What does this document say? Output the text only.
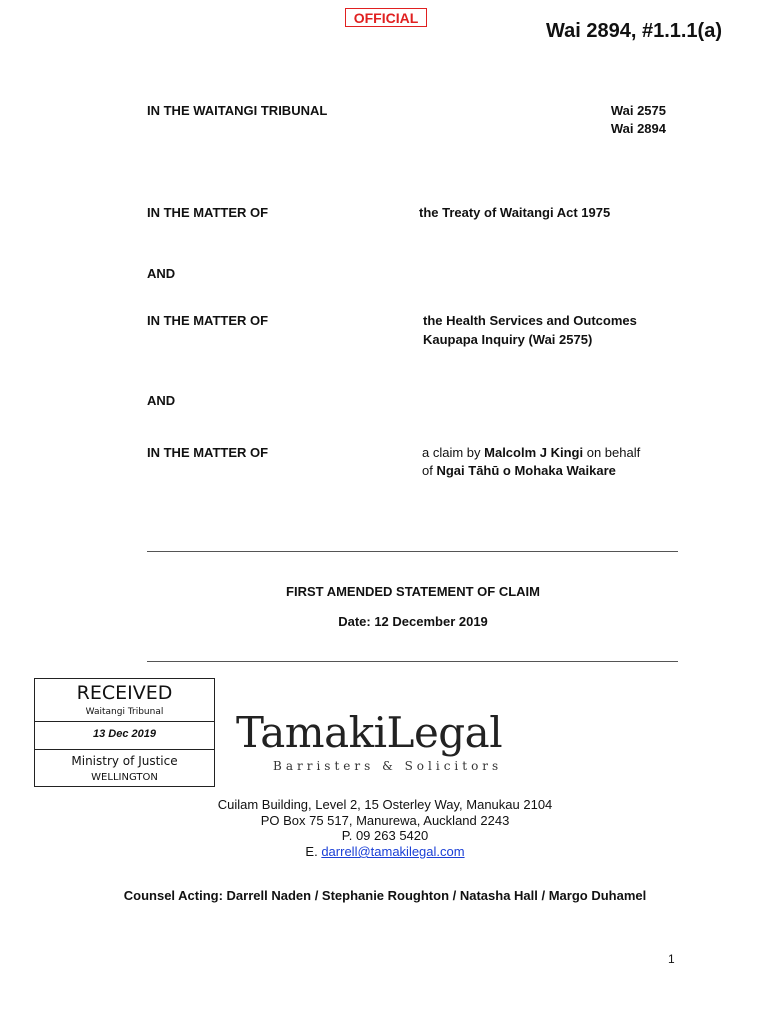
OFFICIAL
Wai 2894, #1.1.1(a)
IN THE WAITANGI TRIBUNAL	Wai 2575
Wai 2894
IN THE MATTER OF	the Treaty of Waitangi Act 1975
AND
IN THE MATTER OF	the Health Services and Outcomes
Kaupapa Inquiry (Wai 2575)
AND
IN THE MATTER OF	a claim by Malcolm J Kingi on behalf
of Ngai Tāhū o Mohaka Waikare
FIRST AMENDED STATEMENT OF CLAIM
Date: 12 December 2019
RECEIVED
Waitangi Tribunal
13 Dec 2019
Ministry of Justice
WELLINGTON
TamakiLegal
Barristers & Solicitors
Cuilam Building, Level 2, 15 Osterley Way, Manukau 2104
PO Box 75 517, Manurewa, Auckland 2243
P. 09 263 5420
E. darrell@tamakilegal.com
Counsel Acting: Darrell Naden / Stephanie Roughton / Natasha Hall / Margo Duhamel
1
